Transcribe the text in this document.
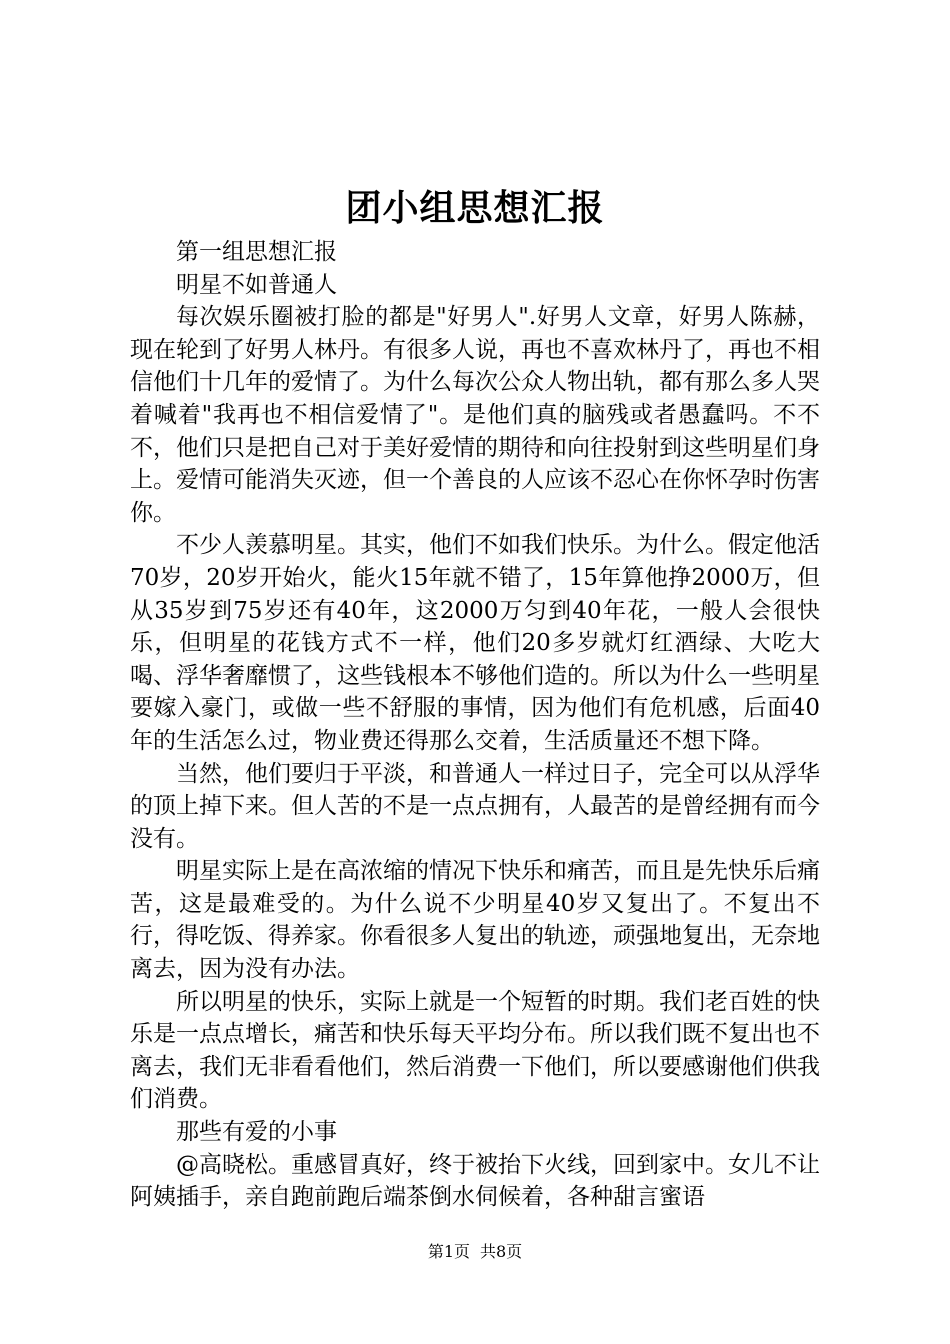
团小组思想汇报

第一组思想汇报

明星不如普通人

每次娱乐圈被打脸的都是"好男人".好男人文章，好男人陈赫，现在轮到了好男人林丹。有很多人说，再也不喜欢林丹了，再也不相信他们十几年的爱情了。为什么每次公众人物出轨，都有那么多人哭着喊着"我再也不相信爱情了"。是他们真的脑残或者愚蠢吗。不不不，他们只是把自己对于美好爱情的期待和向往投射到这些明星们身上。爱情可能消失灭迹，但一个善良的人应该不忍心在你怀孕时伤害你。

不少人羡慕明星。其实，他们不如我们快乐。为什么。假定他活70岁，20岁开始火，能火15年就不错了，15年算他挣2000万，但从35岁到75岁还有40年，这2000万匀到40年花，一般人会很快乐，但明星的花钱方式不一样，他们20多岁就灯红酒绿、大吃大喝、浮华奢靡惯了，这些钱根本不够他们造的。所以为什么一些明星要嫁入豪门，或做一些不舒服的事情，因为他们有危机感，后面40年的生活怎么过，物业费还得那么交着，生活质量还不想下降。

当然，他们要归于平淡，和普通人一样过日子，完全可以从浮华的顶上掉下来。但人苦的不是一点点拥有，人最苦的是曾经拥有而今没有。

明星实际上是在高浓缩的情况下快乐和痛苦，而且是先快乐后痛苦，这是最难受的。为什么说不少明星40岁又复出了。不复出不行，得吃饭、得养家。你看很多人复出的轨迹，顽强地复出，无奈地离去，因为没有办法。

所以明星的快乐，实际上就是一个短暂的时期。我们老百姓的快乐是一点点增长，痛苦和快乐每天平均分布。所以我们既不复出也不离去，我们无非看看他们，然后消费一下他们，所以要感谢他们供我们消费。

那些有爱的小事

@高晓松。重感冒真好，终于被抬下火线，回到家中。女儿不让阿姨插手，亲自跑前跑后端茶倒水伺候着，各种甜言蜜语

第1页 共8页
